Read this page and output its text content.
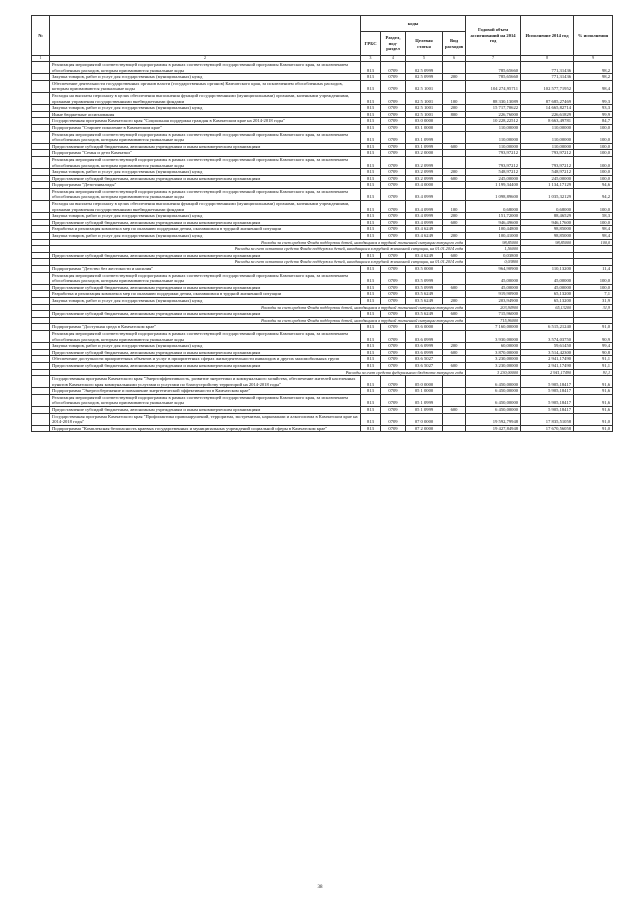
№		коды				Годовой объем ассигнований на 2014 год	Исполнение 2014 год	% исполнения
		ГРБС	Раздел, под-раздел	Целевая статья	Вид расходов			
1	2	3	4	5	6	7	8	9
	Реализация мероприятий соответствующей подпрограммы в рамках соответствующей государственной программы Камчатского края, за исключением обособленных расходов, которым присваиваются уникальные коды	813	0709	02 5 0999		785,65660	771,31436	98,2
	Закупка товаров, работ и услуг для государственных (муниципальных) нужд	813	0709	02 5 0999	200	785,65660	771,31436	98,2
	Обеспечение деятельности государственных органов власти (государственных органов) Камчатского края, за исключением обособленных расходов, которым присваиваются уникальные коды	813	0709	02 5 1001		104 274,95711	102 577,71952	98,4
	Расходы на выплаты персоналу в целях обеспечения выполнения функций государственными (муниципальными) органами, казенными учреждениями, органами управления государственными внебюджетными фондами	813	0709	02 5 1001	100	88 330,13089	87 685,27469	99,3
	Закупка товаров, работ и услуг для государственных (муниципальных) нужд	813	0709	02 5 1001	200	15 717,70622	14 665,82714	93,3
	Иные бюджетные ассигнования	813	0709	02 5 1001	800	226,76000	226,61829	99,9
	Государственная программа Камчатского края "Социальная поддержка граждан в Камчатском крае на 2014-2018 годы"	813	0709	03 0 0000		10 228,22512	8 663,49781	84,7
	Подпрограмма "Старшее поколение в Камчатском крае"	813	0709	03 1 0000		110,00000	110,00000	100,0
	Реализация мероприятий соответствующей подпрограммы в рамках соответствующей государственной программы Камчатского края, за исключением обособленных расходов, которым присваиваются уникальные коды	813	0709	03 1 0999		110,00000	110,00000	100,0
	Предоставление субсидий бюджетным, автономным учреждениям и иным некоммерческим организациям	813	0709	03 1 0999	600	110,00000	110,00000	100,0
	Подпрограмма "Семья и дети Камчатки"	813	0709	03 2 0000		793,97212	793,97212	100,0
	Реализация мероприятий соответствующей подпрограммы в рамках соответствующей государственной программы Камчатского края, за исключением обособленных расходов, которым присваиваются уникальные коды	813	0709	03 2 0999		793,97212	793,97212	100,0
	Закупка товаров, работ и услуг для государственных (муниципальных) нужд	813	0709	03 2 0999	200	548,97212	548,97212	100,0
	Предоставление субсидий бюджетным, автономным учреждениям и иным некоммерческим организациям	813	0709	03 2 0999	600	245,00000	245,00000	100,0
	Подпрограмма "Дети-инвалиды"	813	0709	03 4 0000		1 199,34400	1 134,17129	94,6
	Реализация мероприятий соответствующей подпрограммы в рамках соответствующей государственной программы Камчатского края, за исключением обособленных расходов, которым присваиваются уникальные коды	813	0709	03 4 0999		1 098,89600	1 035,32129	94,2
	Расходы на выплаты персоналу в целях обеспечения выполнения функций государственными (муниципальными) органами, казенными учреждениями, органами управления государственными внебюджетными фондами	813	0709	03 4 0999	100	0,68000	0,68000	100,0
	Закупка товаров, работ и услуг для государственных (муниципальных) нужд	813	0709	03 4 0999	200	151,72000	88,46529	58,3
	Предоставление субсидий бюджетным, автономным учреждениям и иным некоммерческим организациям	813	0709	03 4 0999	600	946,49600	946,17600	100,0
	Разработка и реализация комплекса мер по оказанию поддержки детям, оказавшимся в трудной жизненной ситуации	813	0709	03 4 6249		100,44800	98,85000	98,4
	Закупка товаров, работ и услуг для государственных (муниципальных) нужд	813	0709	03 4 6249	200	100,41000	98,85000	98,4
	Расходы за счет средств Фонда поддержки детей, находящихся в трудной жизненной ситуации текущего года					98,85000	98,85000	100,0
	Расходы за счет остатков средств Фонда поддержки детей, находящихся в трудной жизненной ситуации, на 01.01.2014 года					1,56000		
	Предоставление субсидий бюджетным, автономным учреждениям и иным некоммерческим организациям	813	0709	03 4 6249	600	0,03800		
	Расходы за счет остатков средств Фонда поддержки детей, находящихся в трудной жизненной ситуации, на 01.01.2014 года					0,03800		
	Подпрограмма "Детство без жестокости и насилия"	813	0709	03 5 0000		964,90900	110,13200	11,4
	Реализация мероприятий соответствующей подпрограммы в рамках соответствующей государственной программы Камчатского края, за исключением обособленных расходов, которым присваиваются уникальные коды	813	0709	03 5 0999		45,00000	45,00000	100,0
	Предоставление субсидий бюджетным, автономным учреждениям и иным некоммерческим организациям	813	0709	03 5 0999	600	45,00000	45,00000	100,0
	Разработка и реализация комплекса мер по оказанию поддержки детям, оказавшимся в трудной жизненной ситуации	813	0709	03 5 6249		919,90900	65,13200	7,1
	Закупка товаров, работ и услуг для государственных (муниципальных) нужд	813	0709	03 5 6249	200	203,94900	65,13200	31,9
	Расходы за счет средств Фонда поддержки детей, находящихся в трудной жизненной ситуации текущего года					203,94900	65,13200	31,9
	Предоставление субсидий бюджетным, автономным учреждениям и иным некоммерческим организациям	813	0709	03 5 6249	600	715,96000		
	Расходы за счет средств Фонда поддержки детей, находящихся в трудной жизненной ситуации текущего года					715,96000		
	Подпрограмма "Доступная среда в Камчатском крае"	813	0709	03 6 0000		7 160,00000	6 515,21240	91,0
	Реализация мероприятий соответствующей подпрограммы в рамках соответствующей государственной программы Камчатского края, за исключением обособленных расходов, которым присваиваются уникальные коды	813	0709	03 6 0999		3 930,00000	3 574,03750	90,9
	Закупка товаров, работ и услуг для государственных (муниципальных) нужд	813	0709	03 6 0999	200	60,00000	59,61450	99,4
	Предоставление субсидий бюджетным, автономным учреждениям и иным некоммерческим организациям	813	0709	03 6 0999	600	3 870,00000	3 514,42300	90,8
	Обеспечение доступности приоритетных объектов и услуг в приоритетных сферах жизнедеятельности инвалидов и других маломобильных групп	813	0709	03 6 5027		3 230,00000	2 941,17490	91,1
	Предоставление субсидий бюджетным, автономным учреждениям и иным некоммерческим организациям	813	0709	03 6 5027	600	3 230,00000	2 941,17490	91,1
	Расходы за счет средств федерального бюджета текущего года					3 230,00000	2 941,17490	91,1
	Государственная программа Камчатского края "Энергоэффективность, развитие энергетики и коммунального хозяйства, обеспечение жителей населенных пунктов Камчатского края коммунальными услугами и услугами по благоустройству территорий на 2014-2018 годы"	813	0709	05 0 0000		6 450,00000	5 905,18417	91,6
	Подпрограмма "Энергосбережение и повышение энергетической эффективности в Камчатском крае"	813	0709	05 1 0000		6 450,00000	5 905,18417	91,6
	Реализация мероприятий соответствующей подпрограммы в рамках соответствующей государственной программы Камчатского края, за исключением обособленных расходов, которым присваиваются уникальные коды	813	0709	05 1 0999		6 450,00000	5 905,18417	91,6
	Предоставление субсидий бюджетным, автономным учреждениям и иным некоммерческим организациям	813	0709	05 1 0999	600	6 450,00000	5 905,18417	91,6
	Государственная программа Камчатского края "Профилактика правонарушений, терроризма, экстремизма, наркомании и алкоголизма в Камчатском крае на 2014-2018 годы"	813	0709	07 0 0000		19 592,79948	17 835,51058	91,0
	Подпрограмма "Комплексная безопасность краевых государственных и муниципальных учреждений социальной сферы в Камчатском крае"	813	0709	07 2 0000		19 427,84948	17 670,56058	91,0
38
